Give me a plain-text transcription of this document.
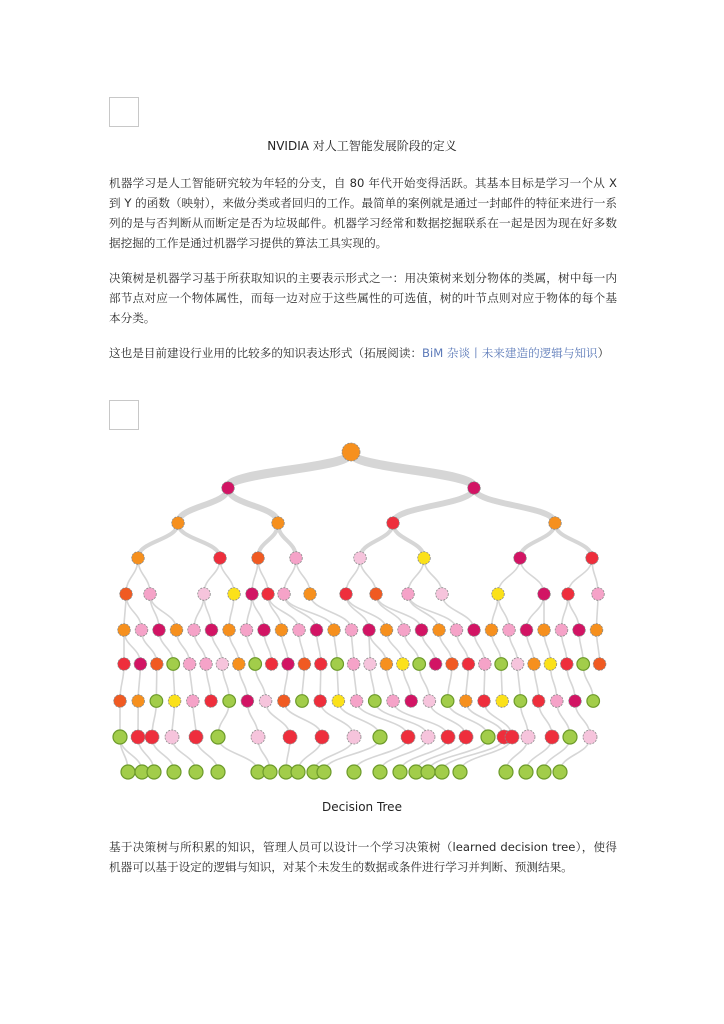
NVIDIA 对人工智能发展阶段的定义

机器学习是人工智能研究较为年轻的分支，自 80 年代开始变得活跃。其基本目标是学习一个从 X 到 Y 的函数（映射），来做分类或者回归的工作。最简单的案例就是通过一封邮件的特征来进行一系列的是与否判断从而断定是否为垃圾邮件。机器学习经常和数据挖掘联系在一起是因为现在好多数据挖掘的工作是通过机器学习提供的算法工具实现的。

决策树是机器学习基于所获取知识的主要表示形式之一：用决策树来划分物体的类属，树中每一内部节点对应一个物体属性，而每一边对应于这些属性的可选值，树的叶节点则对应于物体的每个基本分类。

这也是目前建设行业用的比较多的知识表达形式（拓展阅读：BiM 杂谈丨未来建造的逻辑与知识）

Decision Tree

基于决策树与所积累的知识，管理人员可以设计一个学习决策树（learned decision tree），使得机器可以基于设定的逻辑与知识，对某个未发生的数据或条件进行学习并判断、预测结果。
